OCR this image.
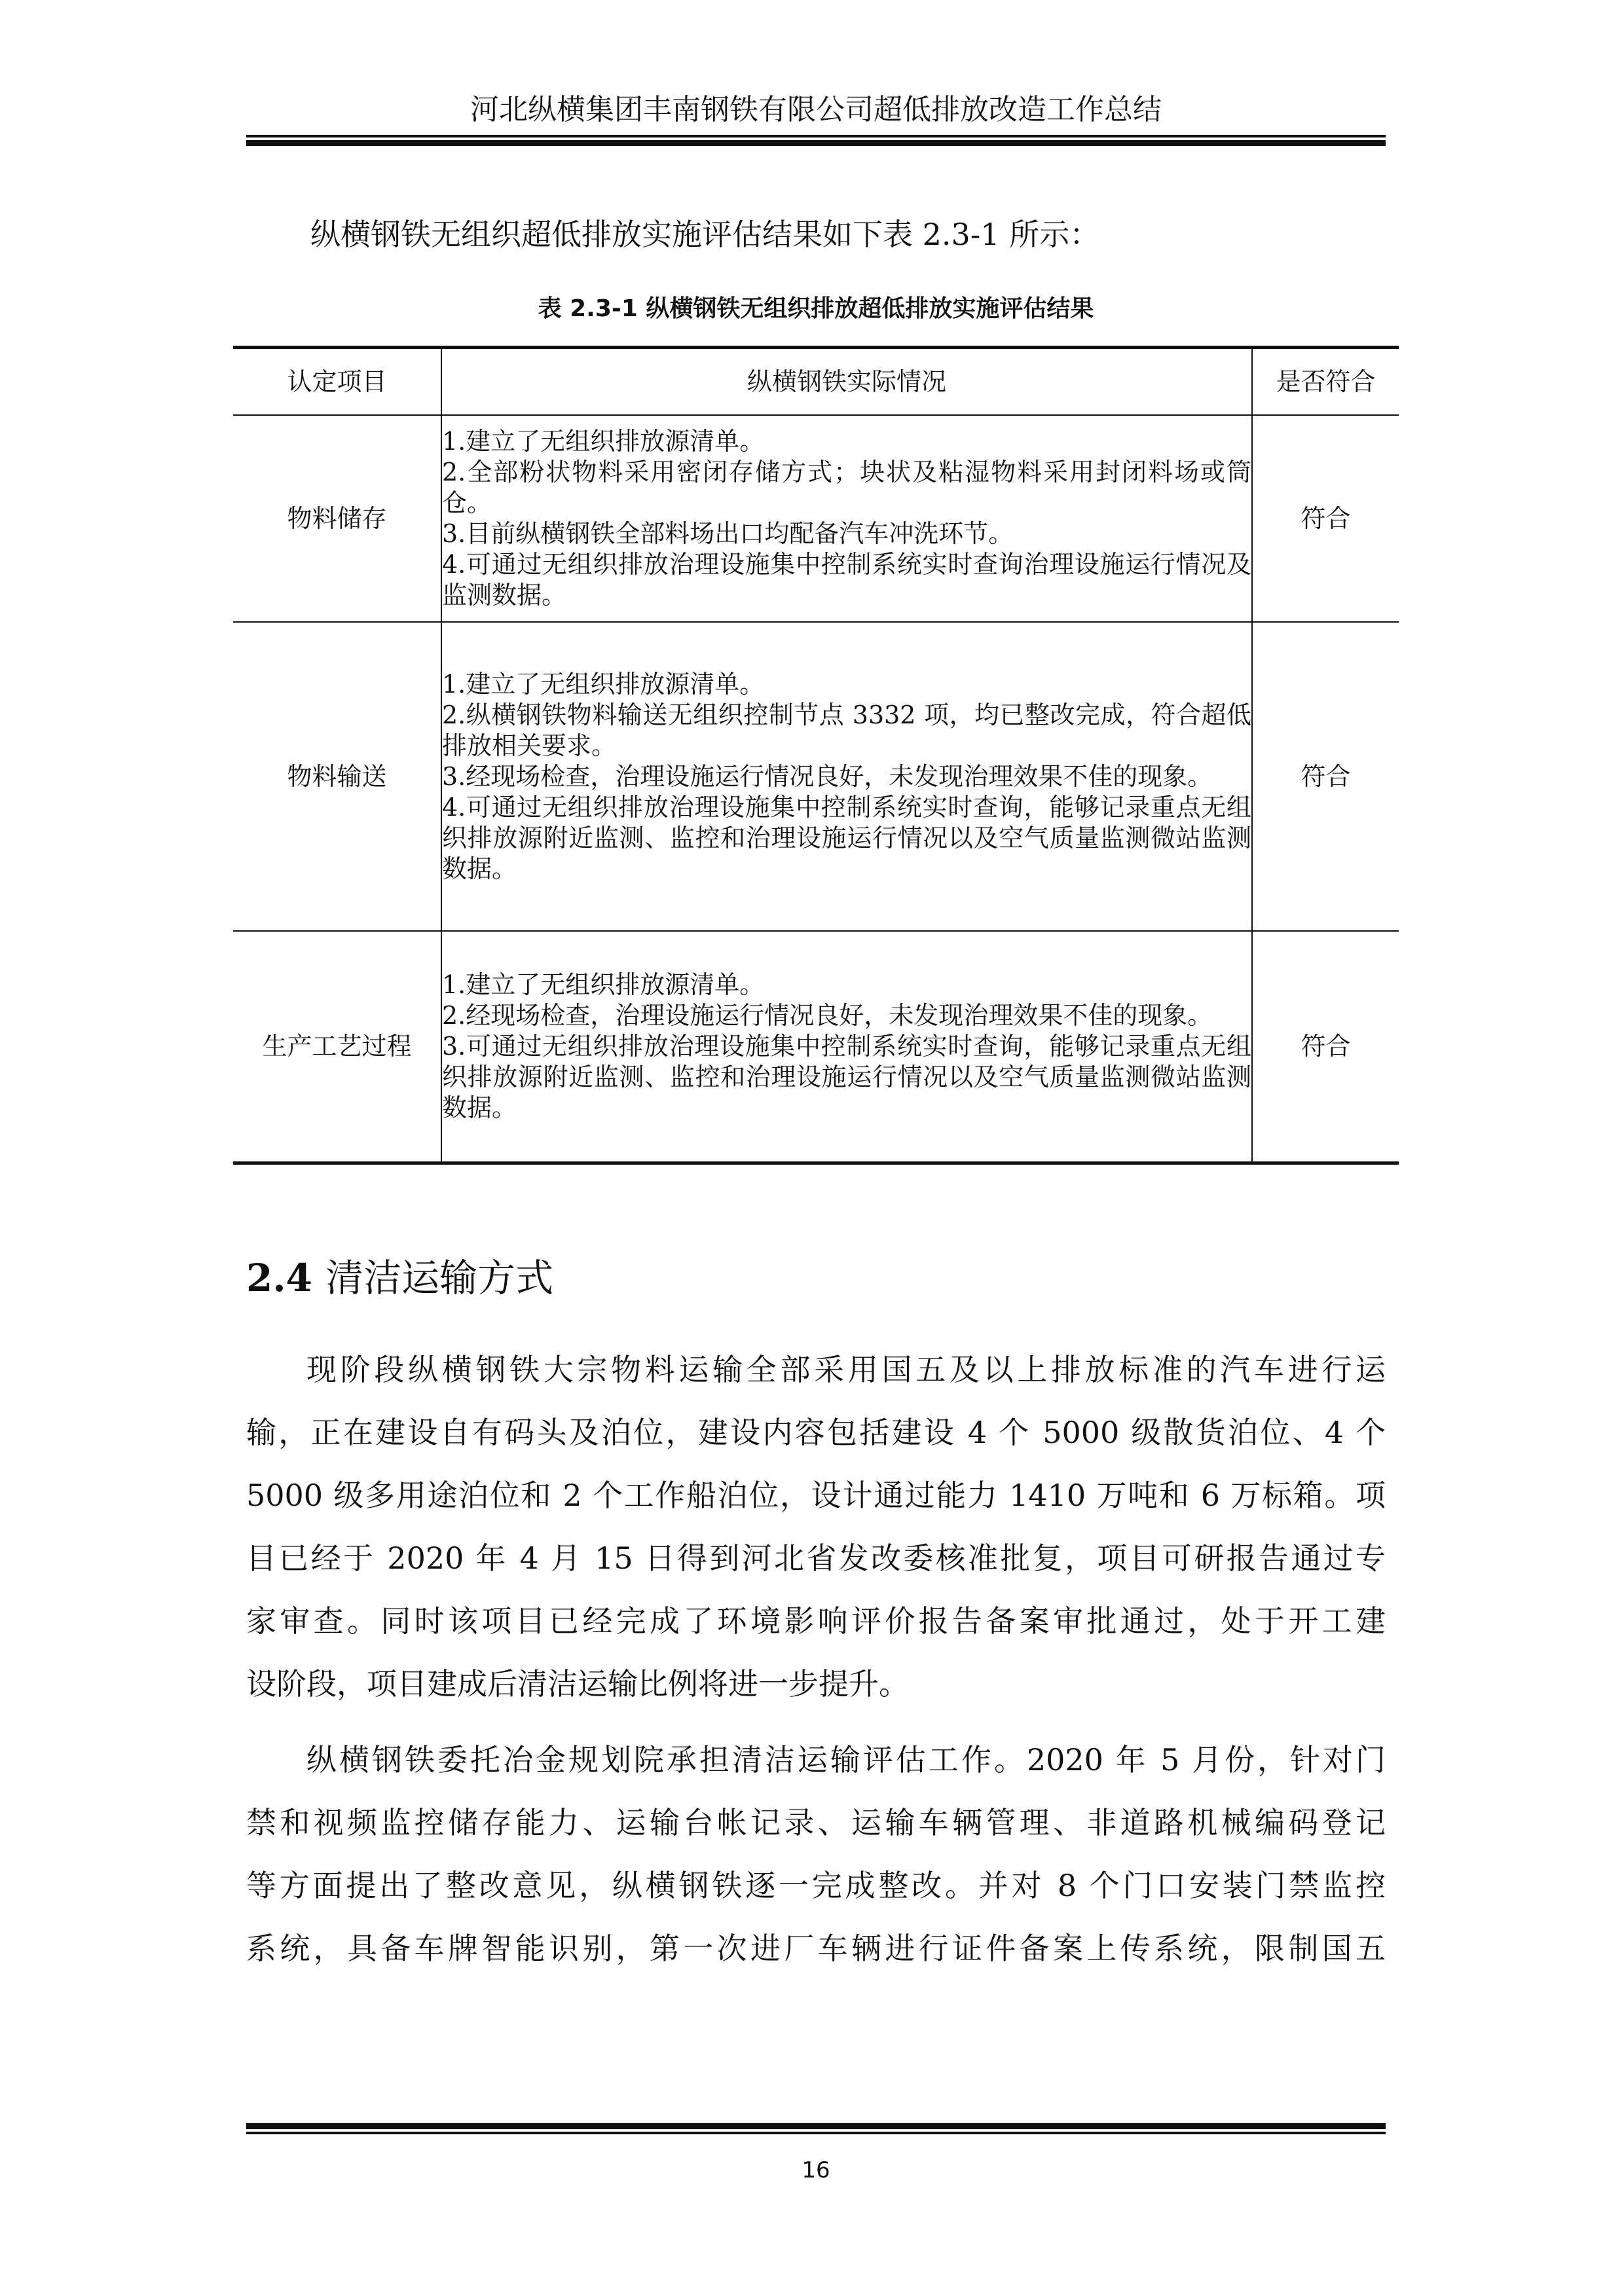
河北纵横集团丰南钢铁有限公司超低排放改造工作总结
纵横钢铁无组织超低排放实施评估结果如下表 2.3-1 所示：
表 2.3-1 纵横钢铁无组织排放超低排放实施评估结果
认定项目	纵横钢铁实际情况	是否符合
物料储存	1.建立了无组织排放源清单。
2.全部粉状物料采用密闭存储方式；块状及粘湿物料采用封闭料场或筒仓。
3.目前纵横钢铁全部料场出口均配备汽车冲洗环节。
4.可通过无组织排放治理设施集中控制系统实时查询治理设施运行情况及监测数据。	符合
物料输送	1.建立了无组织排放源清单。
2.纵横钢铁物料输送无组织控制节点 3332 项，均已整改完成，符合超低排放相关要求。
3.经现场检查，治理设施运行情况良好，未发现治理效果不佳的现象。
4.可通过无组织排放治理设施集中控制系统实时查询，能够记录重点无组织排放源附近监测、监控和治理设施运行情况以及空气质量监测微站监测数据。	符合
生产工艺过程	1.建立了无组织排放源清单。
2.经现场检查，治理设施运行情况良好，未发现治理效果不佳的现象。
3.可通过无组织排放治理设施集中控制系统实时查询，能够记录重点无组织排放源附近监测、监控和治理设施运行情况以及空气质量监测微站监测数据。	符合
2.4 清洁运输方式
现阶段纵横钢铁大宗物料运输全部采用国五及以上排放标准的汽车进行运
输，正在建设自有码头及泊位，建设内容包括建设 4 个 5000 级散货泊位、4 个
5000 级多用途泊位和 2 个工作船泊位，设计通过能力 1410 万吨和 6 万标箱。项
目已经于 2020 年 4 月 15 日得到河北省发改委核准批复，项目可研报告通过专
家审查。同时该项目已经完成了环境影响评价报告备案审批通过，处于开工建
设阶段，项目建成后清洁运输比例将进一步提升。
纵横钢铁委托冶金规划院承担清洁运输评估工作。2020 年 5 月份，针对门
禁和视频监控储存能力、运输台帐记录、运输车辆管理、非道路机械编码登记
等方面提出了整改意见，纵横钢铁逐一完成整改。并对 8 个门口安装门禁监控
系统，具备车牌智能识别，第一次进厂车辆进行证件备案上传系统，限制国五
16
